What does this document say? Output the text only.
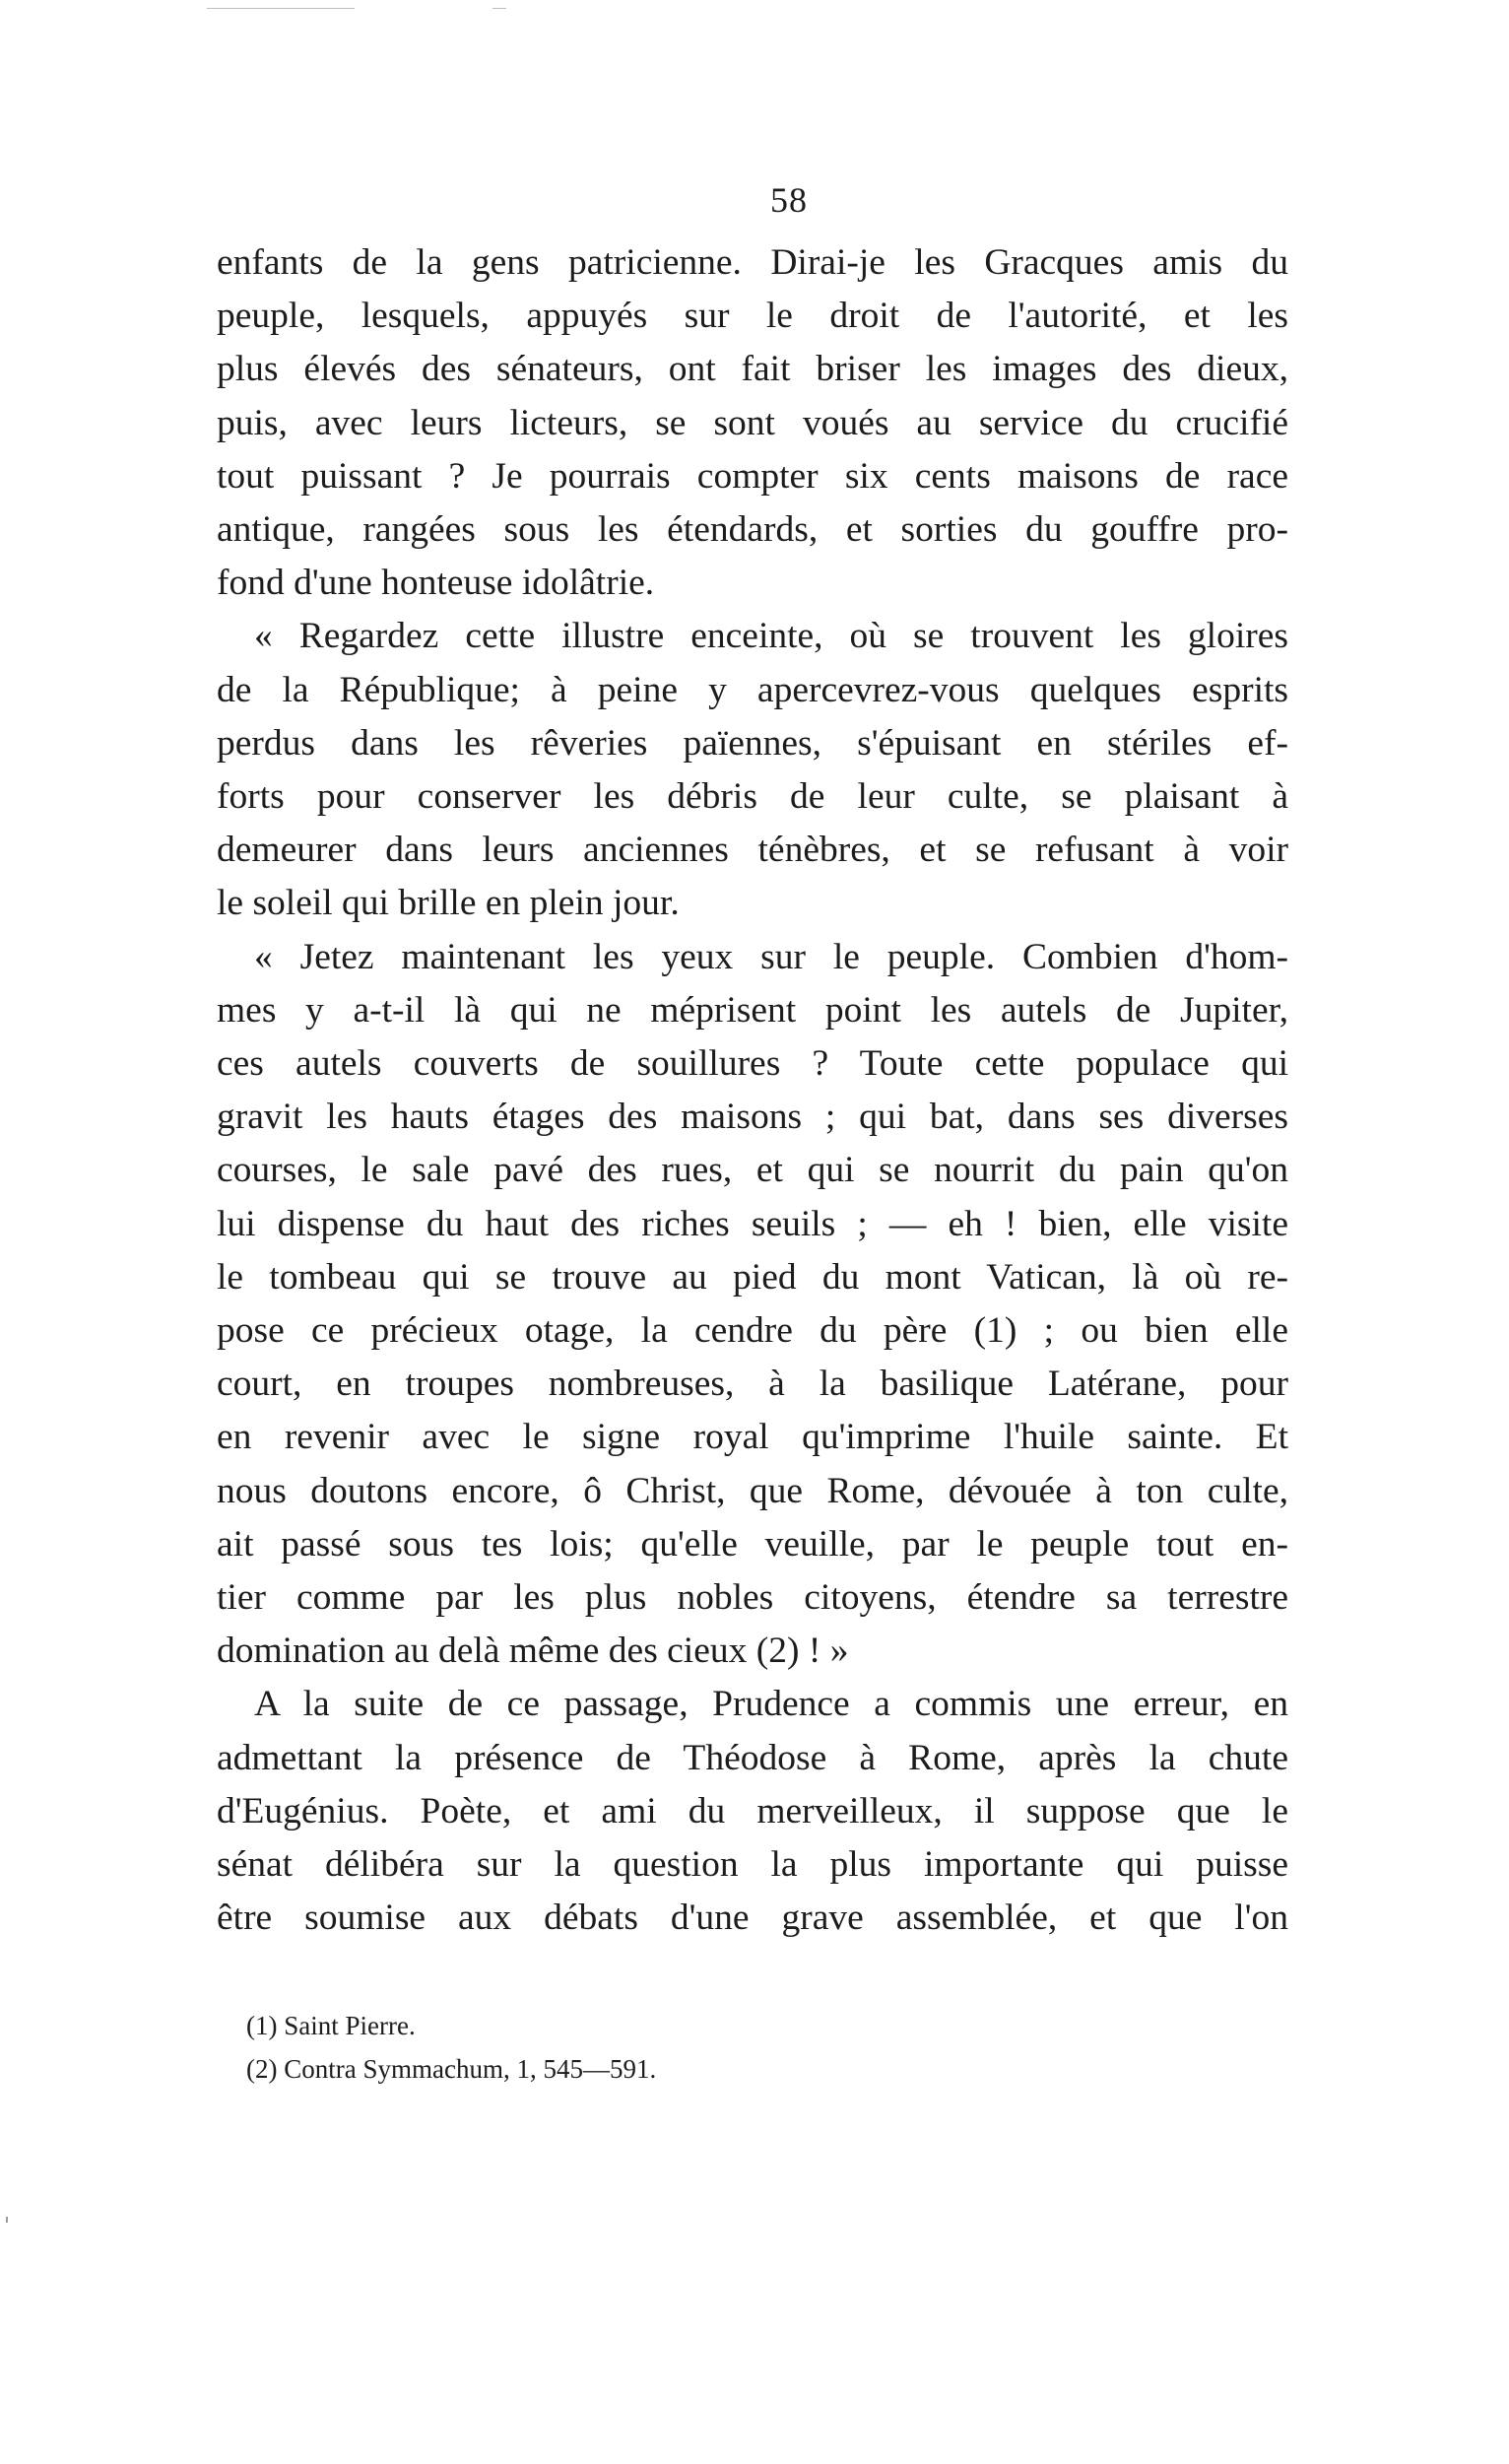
58
enfants de la gens patricienne. Dirai-je les Gracques amis du
peuple, lesquels, appuyés sur le droit de l'autorité, et les
plus élevés des sénateurs, ont fait briser les images des dieux,
puis, avec leurs licteurs, se sont voués au service du crucifié
tout puissant ? Je pourrais compter six cents maisons de race
antique, rangées sous les étendards, et sorties du gouffre pro-
fond d'une honteuse idolâtrie.
« Regardez cette illustre enceinte, où se trouvent les gloires
de la République; à peine y apercevrez-vous quelques esprits
perdus dans les rêveries païennes, s'épuisant en stériles ef-
forts pour conserver les débris de leur culte, se plaisant à
demeurer dans leurs anciennes ténèbres, et se refusant à voir
le soleil qui brille en plein jour.
« Jetez maintenant les yeux sur le peuple. Combien d'hom-
mes y a-t-il là qui ne méprisent point les autels de Jupiter,
ces autels couverts de souillures ? Toute cette populace qui
gravit les hauts étages des maisons ; qui bat, dans ses diverses
courses, le sale pavé des rues, et qui se nourrit du pain qu'on
lui dispense du haut des riches seuils ; — eh ! bien, elle visite
le tombeau qui se trouve au pied du mont Vatican, là où re-
pose ce précieux otage, la cendre du père (1) ; ou bien elle
court, en troupes nombreuses, à la basilique Latérane, pour
en revenir avec le signe royal qu'imprime l'huile sainte. Et
nous doutons encore, ô Christ, que Rome, dévouée à ton culte,
ait passé sous tes lois; qu'elle veuille, par le peuple tout en-
tier comme par les plus nobles citoyens, étendre sa terrestre
domination au delà même des cieux (2) ! »
A la suite de ce passage, Prudence a commis une erreur, en
admettant la présence de Théodose à Rome, après la chute
d'Eugénius. Poète, et ami du merveilleux, il suppose que le
sénat délibéra sur la question la plus importante qui puisse
être soumise aux débats d'une grave assemblée, et que l'on
(1) Saint Pierre.
(2) Contra Symmachum, 1, 545—591.
